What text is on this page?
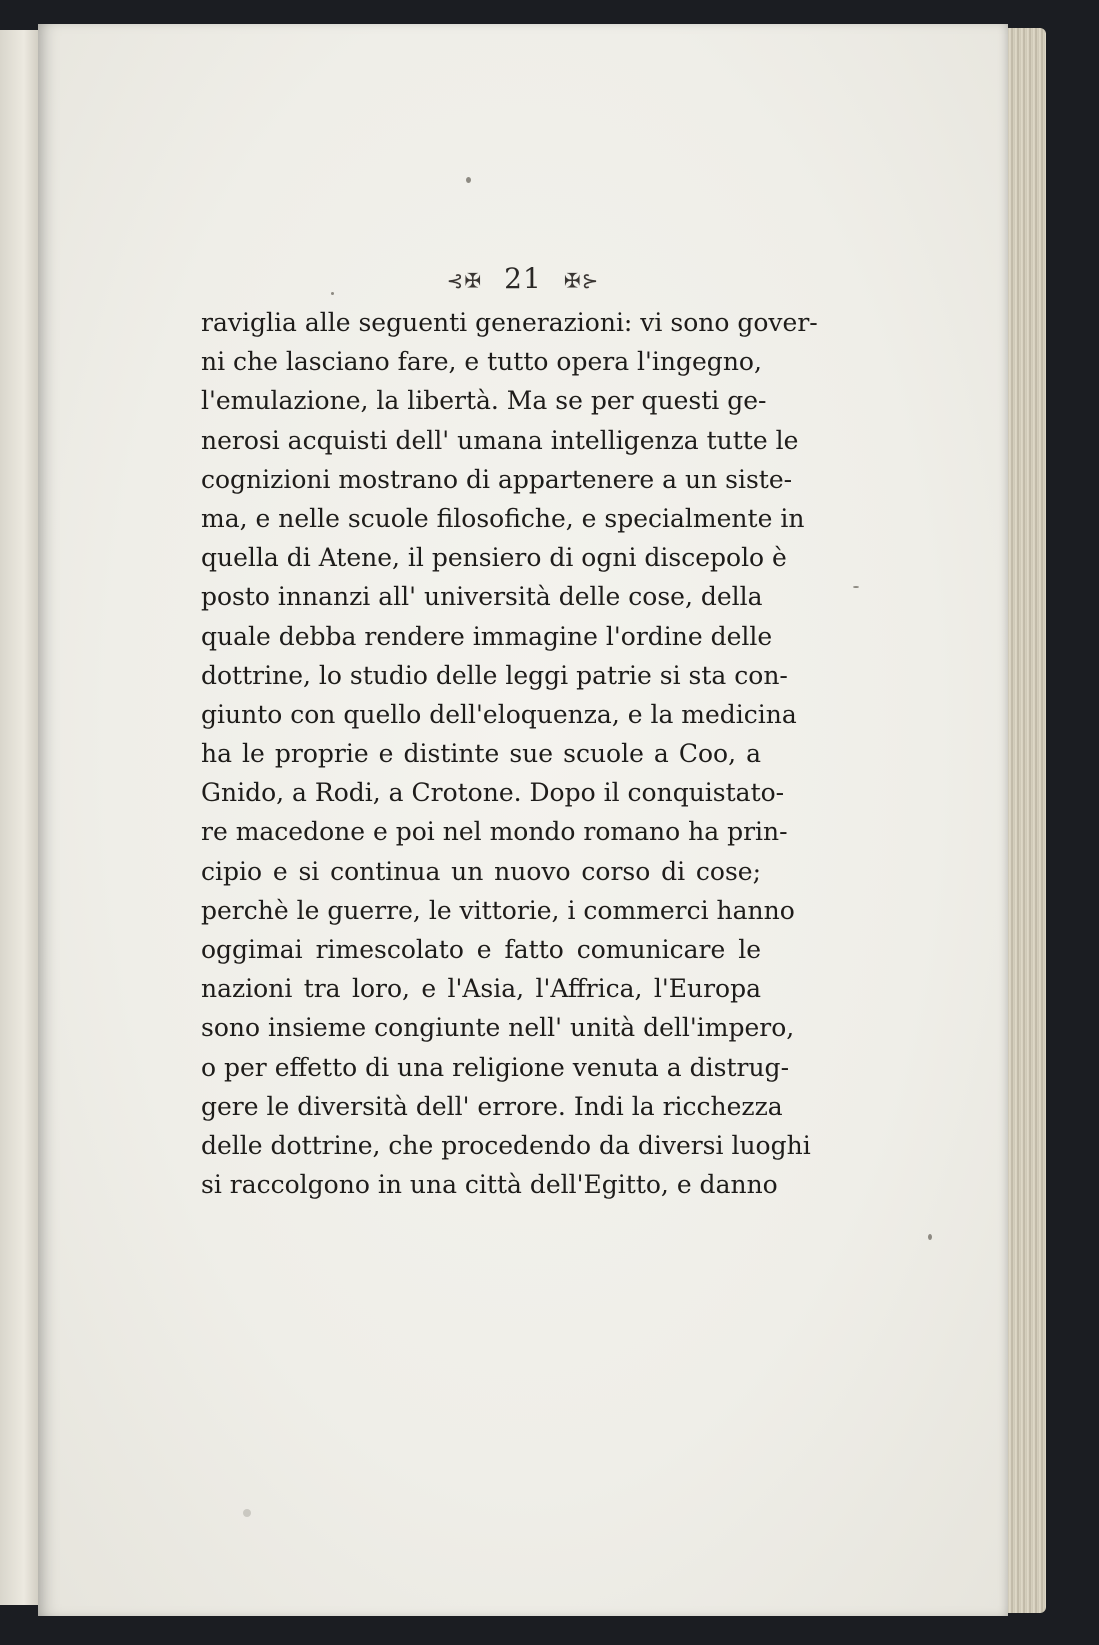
⊰✠ 21 ✠⊱
raviglia alle seguenti generazioni: vi sono gover-
ni che lasciano fare, e tutto opera l'ingegno,
l'emulazione, la libertà. Ma se per questi ge-
nerosi acquisti dell' umana intelligenza tutte le
cognizioni mostrano di appartenere a un siste-
ma, e nelle scuole filosofiche, e specialmente in
quella di Atene, il pensiero di ogni discepolo è
posto innanzi all' università delle cose, della
quale debba rendere immagine l'ordine delle
dottrine, lo studio delle leggi patrie si sta con-
giunto con quello dell'eloquenza, e la medicina
ha le proprie e distinte sue scuole a Coo, a
Gnido, a Rodi, a Crotone. Dopo il conquistato-
re macedone e poi nel mondo romano ha prin-
cipio e si continua un nuovo corso di cose;
perchè le guerre, le vittorie, i commerci hanno
oggimai rimescolato e fatto comunicare le
nazioni tra loro, e l'Asia, l'Affrica, l'Europa
sono insieme congiunte nell' unità dell'impero,
o per effetto di una religione venuta a distrug-
gere le diversità dell' errore. Indi la ricchezza
delle dottrine, che procedendo da diversi luoghi
si raccolgono in una città dell'Egitto, e danno
